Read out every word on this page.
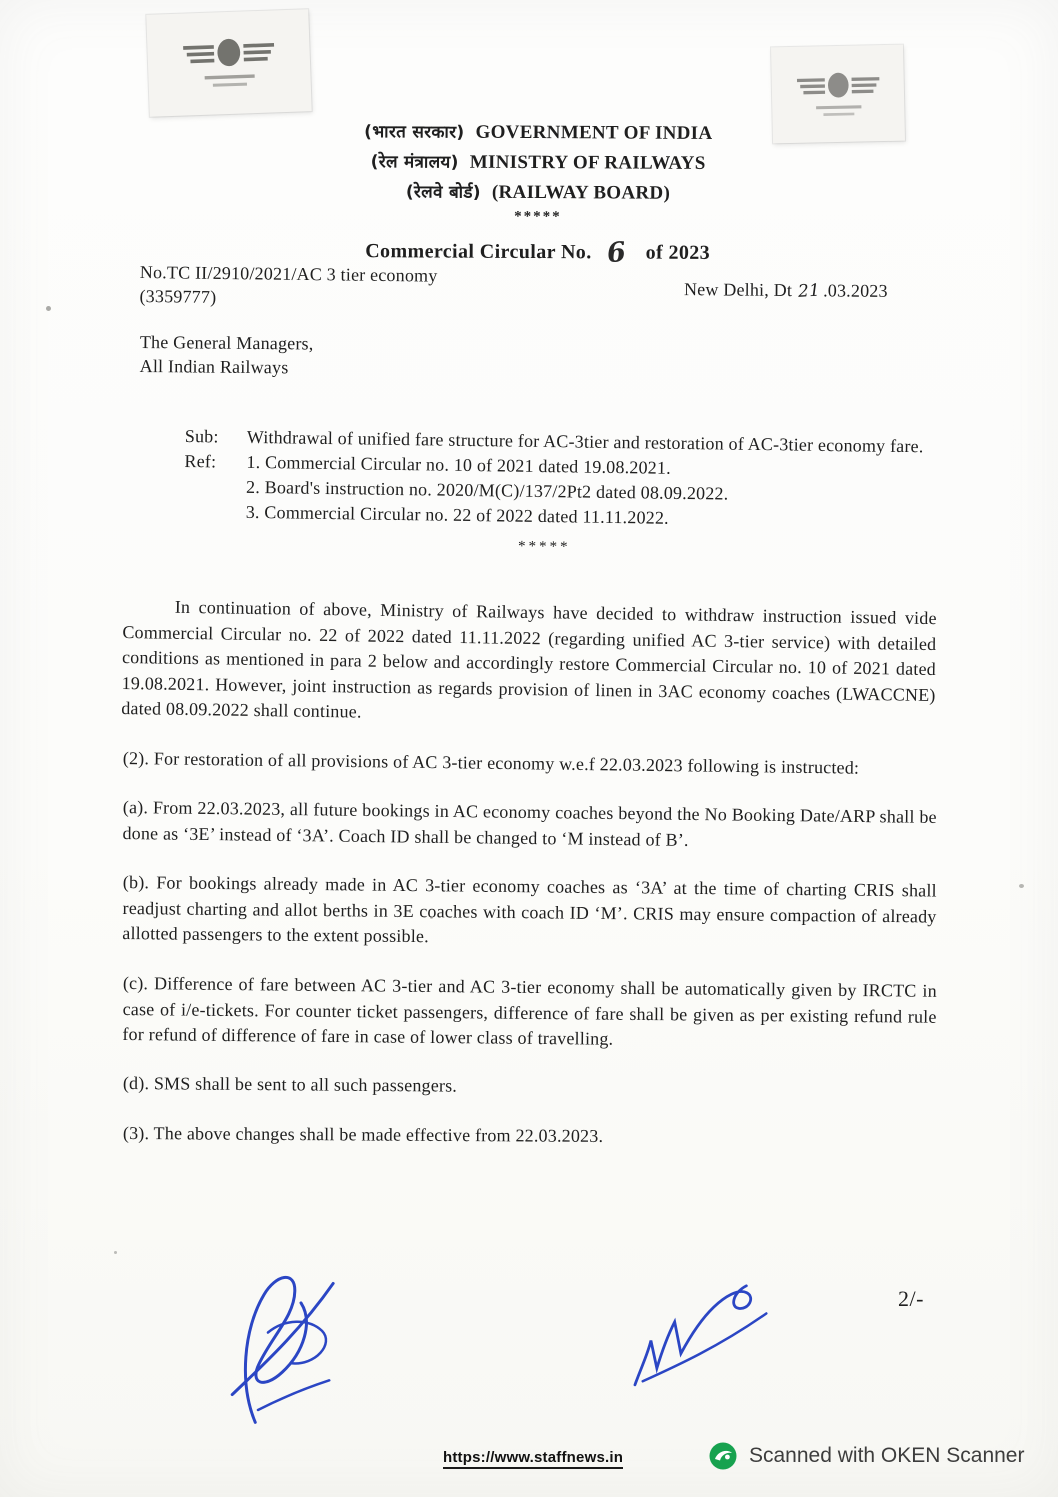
(भारत सरकार) GOVERNMENT OF INDIA
(रेल मंत्रालय) MINISTRY OF RAILWAYS
(रेलवे बोर्ड) (RAILWAY BOARD)
*****
Commercial Circular No. 6 of 2023
No.TC II/2910/2021/AC 3 tier economy
(3359777)	New Delhi, Dt 21 .03.2023
The General Managers,
All Indian Railways
Sub:	Withdrawal of unified fare structure for AC-3tier and restoration of AC-3tier economy fare.
Ref:	1. Commercial Circular no. 10 of 2021 dated 19.08.2021.
2. Board's instruction no. 2020/M(C)/137/2Pt2 dated 08.09.2022.
3. Commercial Circular no. 22 of 2022 dated 11.11.2022.
*****

In continuation of above, Ministry of Railways have decided to withdraw instruction issued vide Commercial Circular no. 22 of 2022 dated 11.11.2022 (regarding unified AC 3-tier service) with detailed conditions as mentioned in para 2 below and accordingly restore Commercial Circular no. 10 of 2021 dated 19.08.2021. However, joint instruction as regards provision of linen in 3AC economy coaches (LWACCNE) dated 08.09.2022 shall continue.

(2). For restoration of all provisions of AC 3-tier economy w.e.f 22.03.2023 following is instructed:

(a). From 22.03.2023, all future bookings in AC economy coaches beyond the No Booking Date/ARP shall be done as ‘3E’ instead of ‘3A’. Coach ID shall be changed to ‘M instead of B’.

(b). For bookings already made in AC 3-tier economy coaches as ‘3A’ at the time of charting CRIS shall readjust charting and allot berths in 3E coaches with coach ID ‘M’. CRIS may ensure compaction of already allotted passengers to the extent possible.

(c). Difference of fare between AC 3-tier and AC 3-tier economy shall be automatically given by IRCTC in case of i/e-tickets. For counter ticket passengers, difference of fare shall be given as per existing refund rule for refund of difference of fare in case of lower class of travelling.

(d). SMS shall be sent to all such passengers.

(3). The above changes shall be made effective from 22.03.2023.

2/-
https://www.staffnews.in	Scanned with OKEN Scanner
